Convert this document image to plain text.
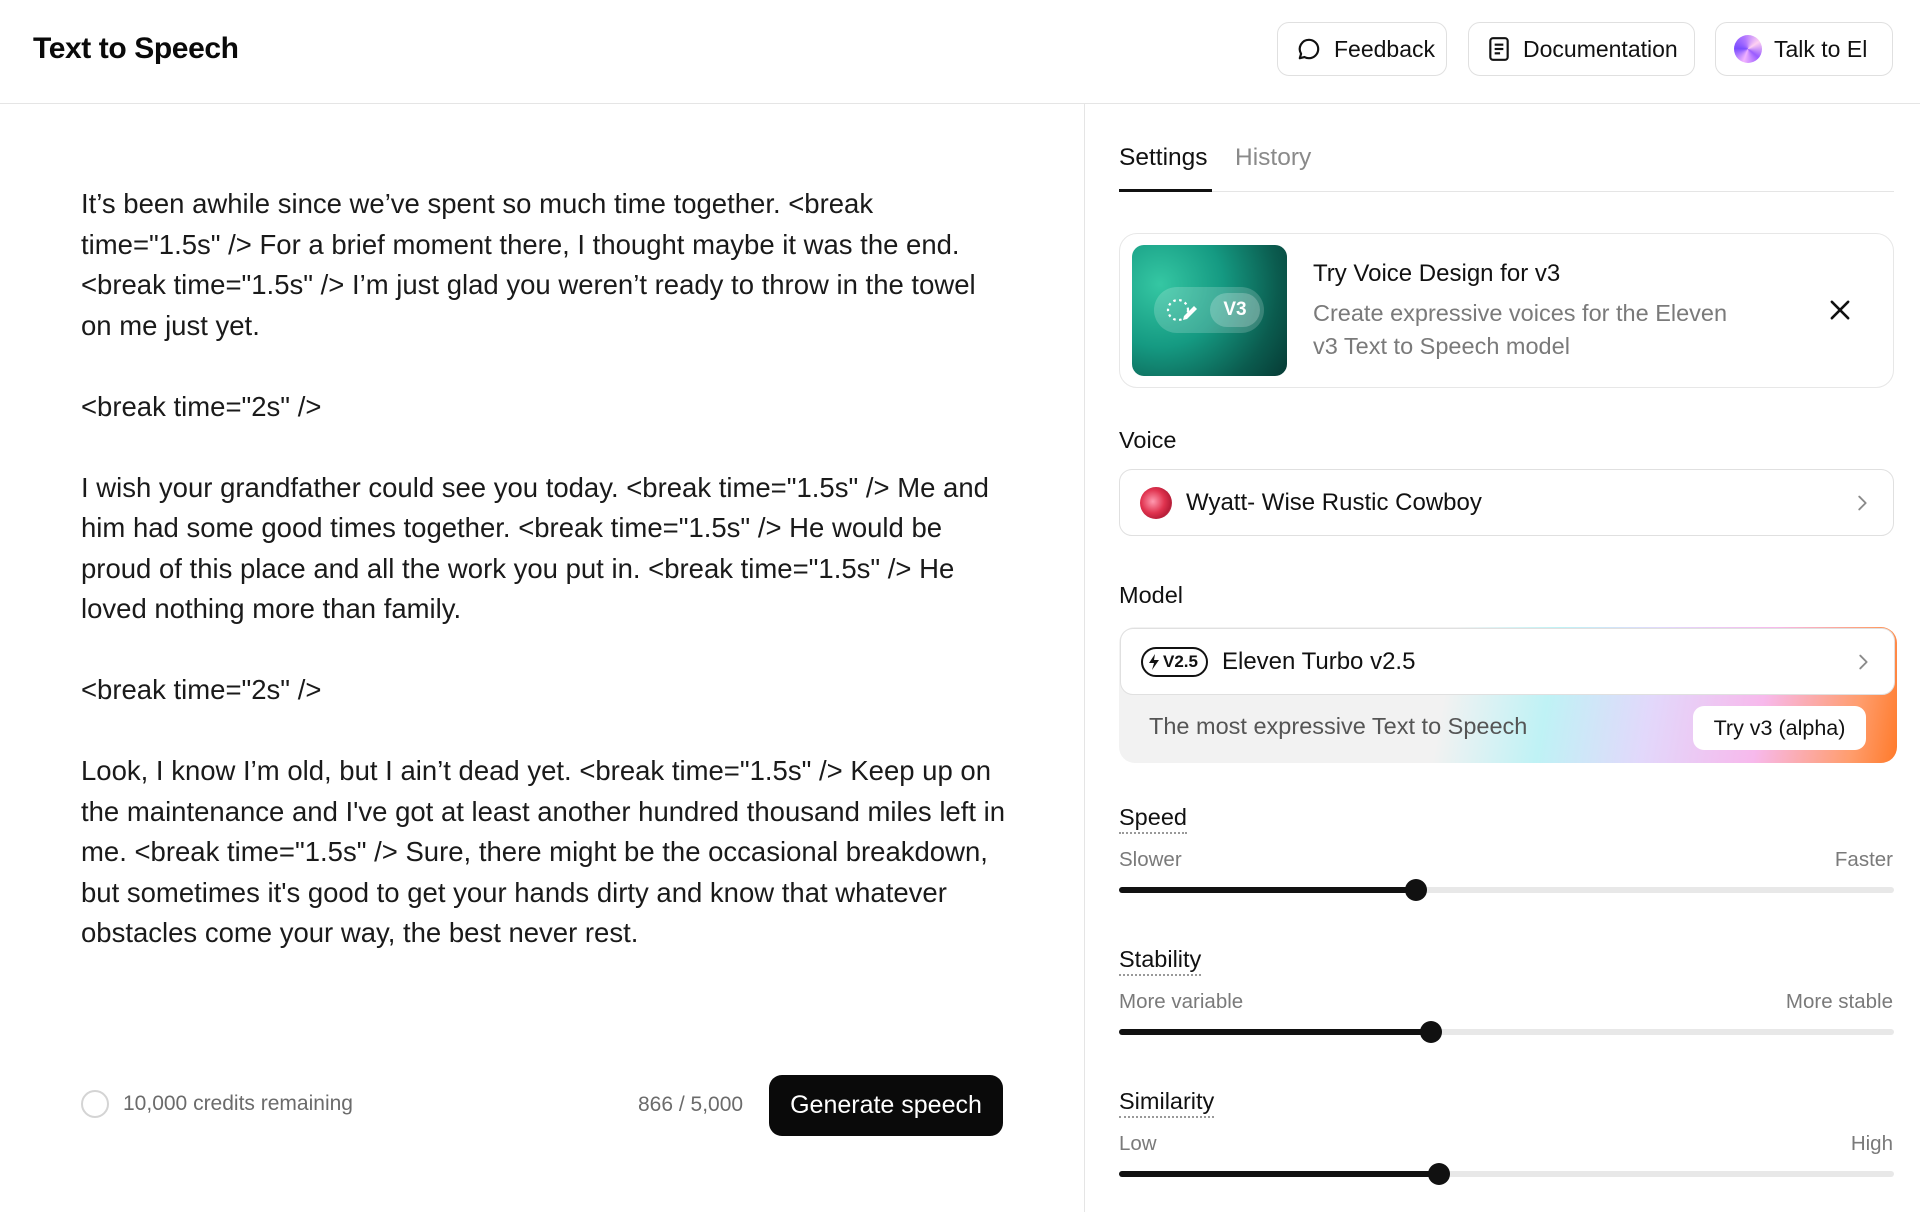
Text to Speech	Feedback	Documentation	Talk to El

It’s been awhile since we’ve spent so much time together. <break time="1.5s" /> For a brief moment there, I thought maybe it was the end. <break time="1.5s" /> I’m just glad you weren’t ready to throw in the towel on me just yet.

<break time="2s" />

I wish your grandfather could see you today. <break time="1.5s" /> Me and him had some good times together. <break time="1.5s" /> He would be proud of this place and all the work you put in. <break time="1.5s" /> He loved nothing more than family.

<break time="2s" />

Look, I know I’m old, but I ain’t dead yet. <break time="1.5s" /> Keep up on the maintenance and I've got at least another hundred thousand miles left in me. <break time="1.5s" /> Sure, there might be the occasional breakdown, but sometimes it's good to get your hands dirty and know that whatever obstacles come your way, the best never rest.

10,000 credits remaining	866 / 5,000	Generate speech
Settings History
V3
Try Voice Design for v3
Create expressive voices for the Eleven v3 Text to Speech model
Voice
Wyatt- Wise Rustic Cowboy
Model
V2.5 Eleven Turbo v2.5
The most expressive Text to Speech	Try v3 (alpha)
Speed
Slower	Faster
Stability
More variable	More stable
Similarity
Low	High
